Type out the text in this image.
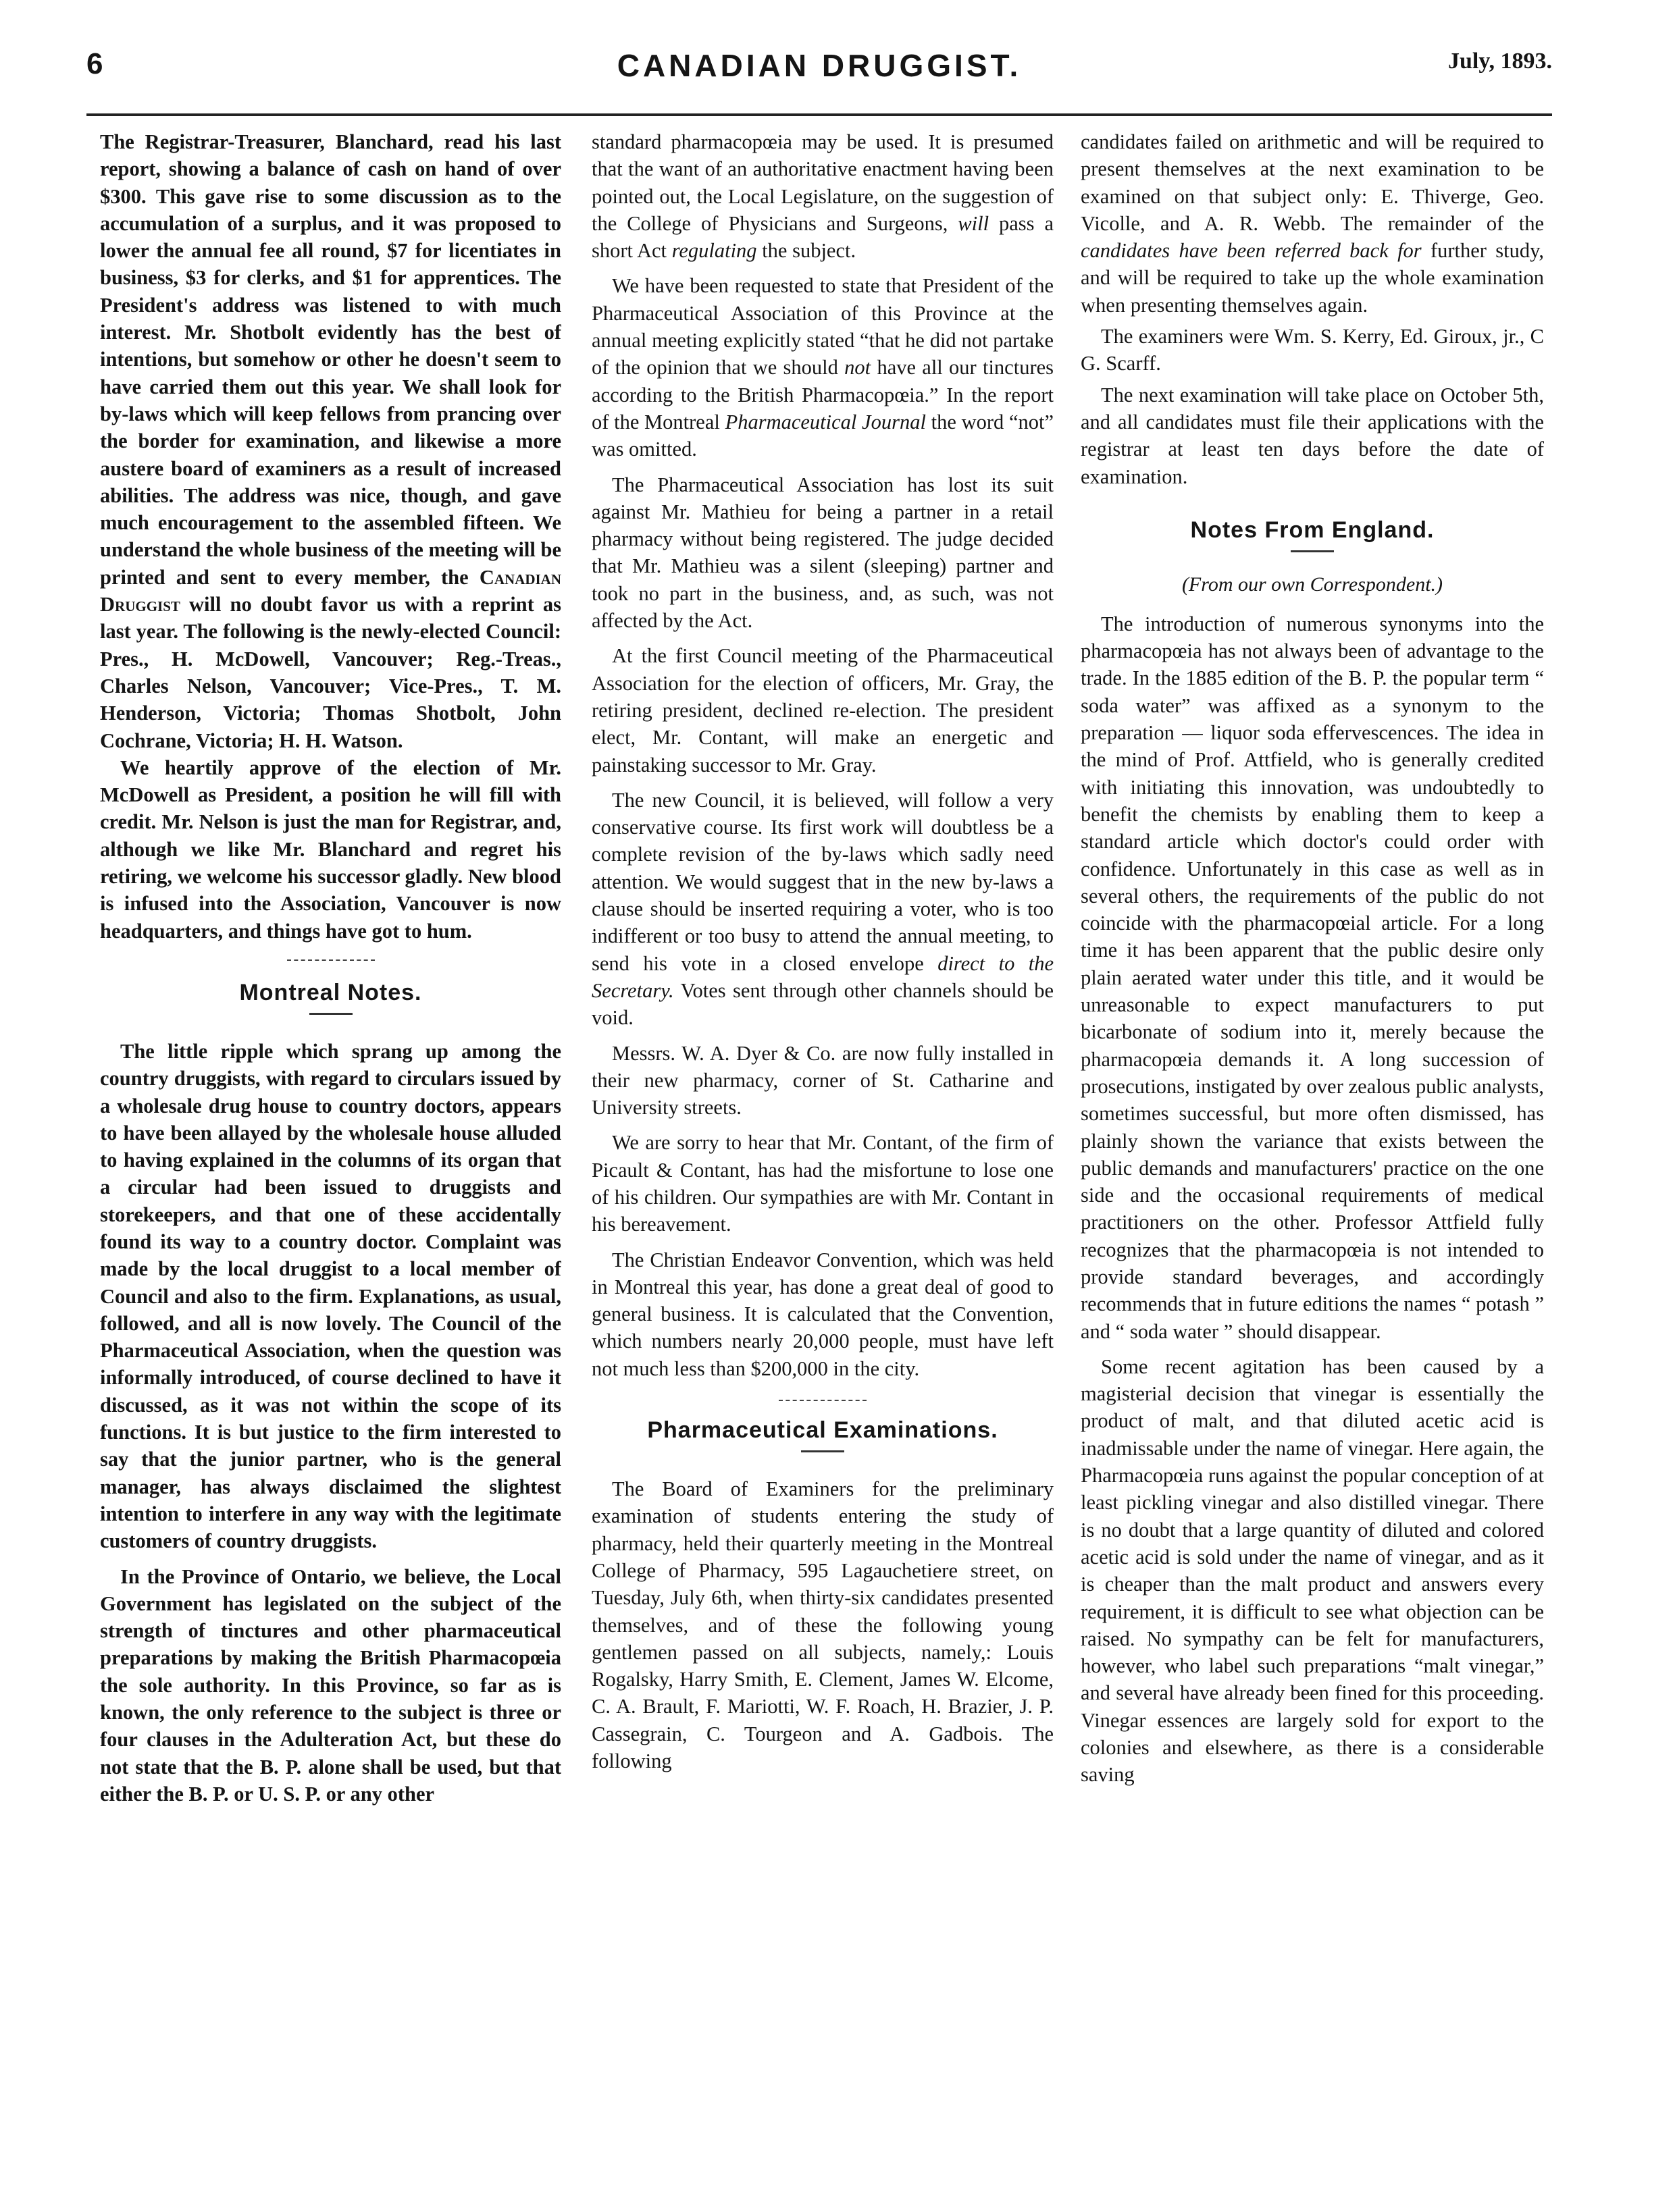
6	CANADIAN DRUGGIST.	July, 1893.

The Registrar-Treasurer, Blanchard, read his last report, showing a balance of cash on hand of over $300. This gave rise to some discussion as to the accumulation of a surplus, and it was proposed to lower the annual fee all round, $7 for licentiates in business, $3 for clerks, and $1 for apprentices. The President's address was listened to with much interest. Mr. Shotbolt evidently has the best of intentions, but somehow or other he doesn't seem to have carried them out this year. We shall look for by-laws which will keep fellows from prancing over the border for examination, and likewise a more austere board of examiners as a result of increased abilities. The address was nice, though, and gave much encouragement to the assembled fifteen. We understand the whole business of the meeting will be printed and sent to every member, the Canadian Druggist will no doubt favor us with a reprint as last year. The following is the newly-elected Council: Pres., H. McDowell, Vancouver; Reg.-Treas., Charles Nelson, Vancouver; Vice-Pres., T. M. Henderson, Victoria; Thomas Shotbolt, John Cochrane, Victoria; H. H. Watson.

We heartily approve of the election of Mr. McDowell as President, a position he will fill with credit. Mr. Nelson is just the man for Registrar, and, although we like Mr. Blanchard and regret his retiring, we welcome his successor gladly. New blood is infused into the Association, Vancouver is now headquarters, and things have got to hum.

Montreal Notes.

The little ripple which sprang up among the country druggists, with regard to circulars issued by a wholesale drug house to country doctors, appears to have been allayed by the wholesale house alluded to having explained in the columns of its organ that a circular had been issued to druggists and storekeepers, and that one of these accidentally found its way to a country doctor. Complaint was made by the local druggist to a local member of Council and also to the firm. Explanations, as usual, followed, and all is now lovely. The Council of the Pharmaceutical Association, when the question was informally introduced, of course declined to have it discussed, as it was not within the scope of its functions. It is but justice to the firm interested to say that the junior partner, who is the general manager, has always disclaimed the slightest intention to interfere in any way with the legitimate customers of country druggists.

In the Province of Ontario, we believe, the Local Government has legislated on the subject of the strength of tinctures and other pharmaceutical preparations by making the British Pharmacopœia the sole authority. In this Province, so far as is known, the only reference to the subject is three or four clauses in the Adulteration Act, but these do not state that the B. P. alone shall be used, but that either the B. P. or U. S. P. or any other

standard pharmacopœia may be used. It is presumed that the want of an authoritative enactment having been pointed out, the Local Legislature, on the suggestion of the College of Physicians and Surgeons, will pass a short Act regulating the subject.

We have been requested to state that President of the Pharmaceutical Association of this Province at the annual meeting explicitly stated “that he did not partake of the opinion that we should not have all our tinctures according to the British Pharmacopœia.” In the report of the Montreal Pharmaceutical Journal the word “not” was omitted.

The Pharmaceutical Association has lost its suit against Mr. Mathieu for being a partner in a retail pharmacy without being registered. The judge decided that Mr. Mathieu was a silent (sleeping) partner and took no part in the business, and, as such, was not affected by the Act.

At the first Council meeting of the Pharmaceutical Association for the election of officers, Mr. Gray, the retiring president, declined re-election. The president elect, Mr. Contant, will make an energetic and painstaking successor to Mr. Gray.

The new Council, it is believed, will follow a very conservative course. Its first work will doubtless be a complete revision of the by-laws which sadly need attention. We would suggest that in the new by-laws a clause should be inserted requiring a voter, who is too indifferent or too busy to attend the annual meeting, to send his vote in a closed envelope direct to the Secretary. Votes sent through other channels should be void.

Messrs. W. A. Dyer & Co. are now fully installed in their new pharmacy, corner of St. Catharine and University streets.

We are sorry to hear that Mr. Contant, of the firm of Picault & Contant, has had the misfortune to lose one of his children. Our sympathies are with Mr. Contant in his bereavement.

The Christian Endeavor Convention, which was held in Montreal this year, has done a great deal of good to general business. It is calculated that the Convention, which numbers nearly 20,000 people, must have left not much less than $200,000 in the city.

Pharmaceutical Examinations.

The Board of Examiners for the preliminary examination of students entering the study of pharmacy, held their quarterly meeting in the Montreal College of Pharmacy, 595 Lagauchetiere street, on Tuesday, July 6th, when thirty-six candidates presented themselves, and of these the following young gentlemen passed on all subjects, namely,: Louis Rogalsky, Harry Smith, E. Clement, James W. Elcome, C. A. Brault, F. Mariotti, W. F. Roach, H. Brazier, J. P. Cassegrain, C. Tourgeon and A. Gadbois. The following

candidates failed on arithmetic and will be required to present themselves at the next examination to be examined on that subject only: E. Thiverge, Geo. Vicolle, and A. R. Webb. The remainder of the candidates have been referred back for further study, and will be required to take up the whole examination when presenting themselves again.

The examiners were Wm. S. Kerry, Ed. Giroux, jr., C G. Scarff.

The next examination will take place on October 5th, and all candidates must file their applications with the registrar at least ten days before the date of examination.

Notes From England.
(From our own Correspondent.)

The introduction of numerous synonyms into the pharmacopœia has not always been of advantage to the trade. In the 1885 edition of the B. P. the popular term “ soda water” was affixed as a synonym to the preparation — liquor soda effervescences. The idea in the mind of Prof. Attfield, who is generally credited with initiating this innovation, was undoubtedly to benefit the chemists by enabling them to keep a standard article which doctor's could order with confidence. Unfortunately in this case as well as in several others, the requirements of the public do not coincide with the pharmacopœial article. For a long time it has been apparent that the public desire only plain aerated water under this title, and it would be unreasonable to expect manufacturers to put bicarbonate of sodium into it, merely because the pharmacopœia demands it. A long succession of prosecutions, instigated by over zealous public analysts, sometimes successful, but more often dismissed, has plainly shown the variance that exists between the public demands and manufacturers' practice on the one side and the occasional requirements of medical practitioners on the other. Professor Attfield fully recognizes that the pharmacopœia is not intended to provide standard beverages, and accordingly recommends that in future editions the names “ potash ” and “ soda water ” should disappear.

Some recent agitation has been caused by a magisterial decision that vinegar is essentially the product of malt, and that diluted acetic acid is inadmissable under the name of vinegar. Here again, the Pharmacopœia runs against the popular conception of at least pickling vinegar and also distilled vinegar. There is no doubt that a large quantity of diluted and colored acetic acid is sold under the name of vinegar, and as it is cheaper than the malt product and answers every requirement, it is difficult to see what objection can be raised. No sympathy can be felt for manufacturers, however, who label such preparations “malt vinegar,” and several have already been fined for this proceeding. Vinegar essences are largely sold for export to the colonies and elsewhere, as there is a considerable saving
